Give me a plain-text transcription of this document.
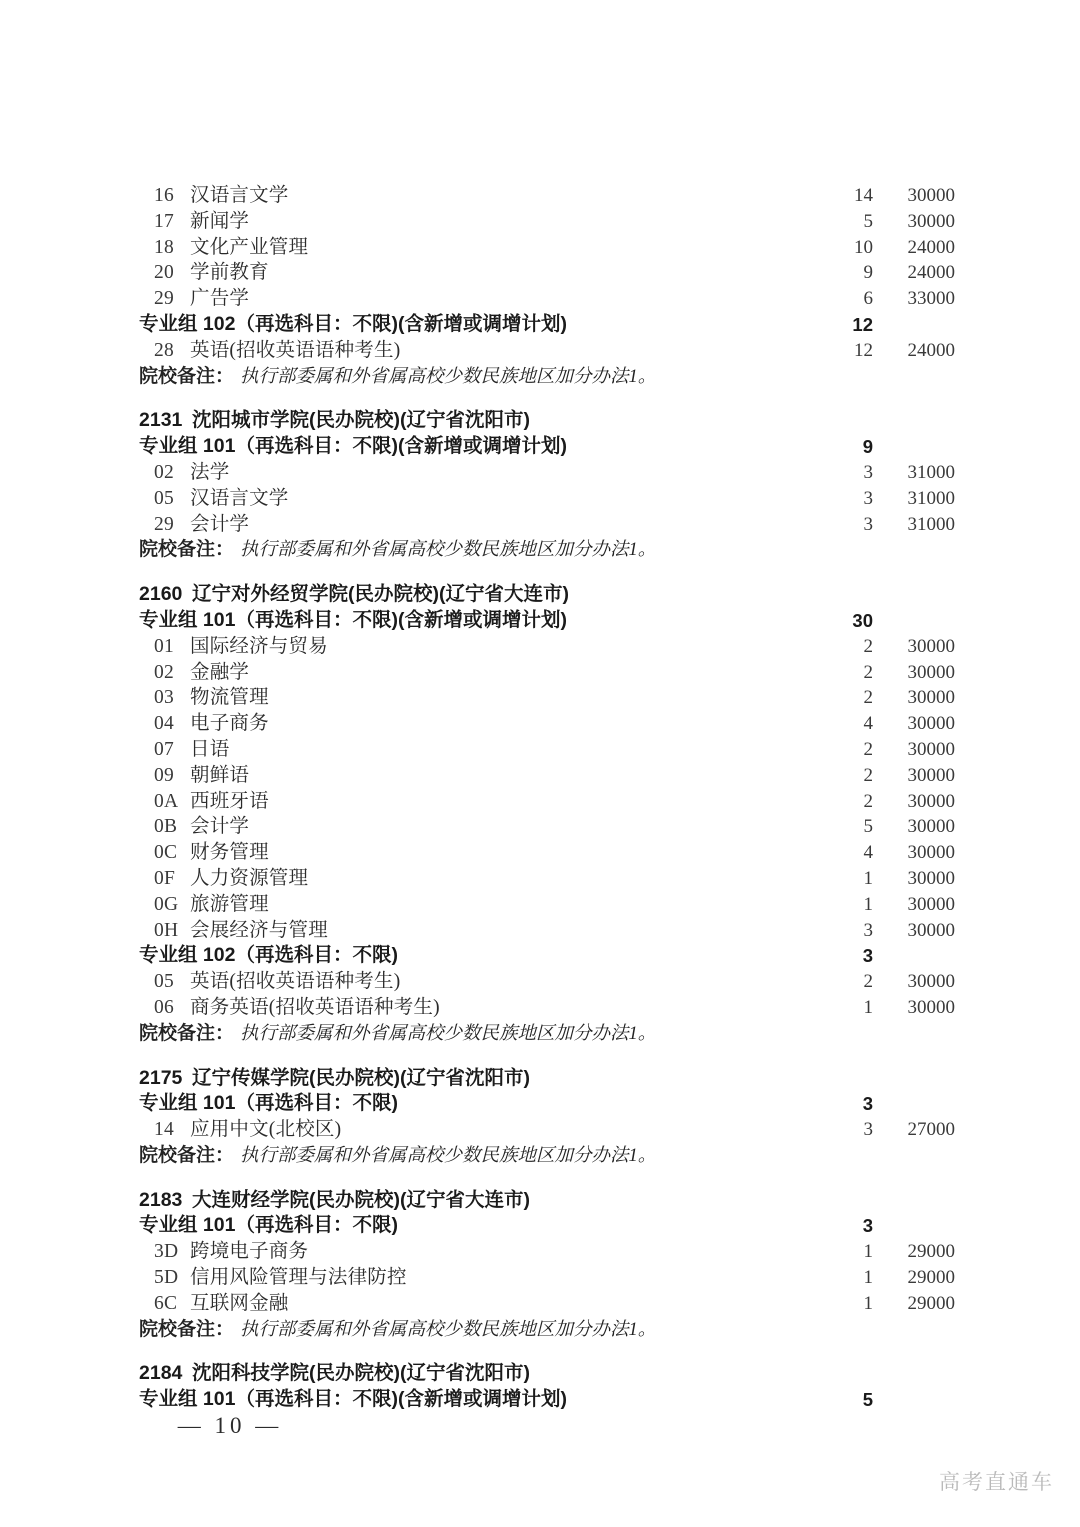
16 汉语言文学	14	30000
17 新闻学	5	30000
18 文化产业管理	10	24000
20 学前教育	9	24000
29 广告学	6	33000
专业组 102（再选科目：不限)(含新增或调增计划)	12
28 英语(招收英语语种考生)	12	24000
院校备注： 执行部委属和外省属高校少数民族地区加分办法1。
2131 沈阳城市学院(民办院校)(辽宁省沈阳市)
专业组 101（再选科目：不限)(含新增或调增计划)	9
02 法学	3	31000
05 汉语言文学	3	31000
29 会计学	3	31000
院校备注： 执行部委属和外省属高校少数民族地区加分办法1。
2160 辽宁对外经贸学院(民办院校)(辽宁省大连市)
专业组 101（再选科目：不限)(含新增或调增计划)	30
01 国际经济与贸易	2	30000
02 金融学	2	30000
03 物流管理	2	30000
04 电子商务	4	30000
07 日语	2	30000
09 朝鲜语	2	30000
0A 西班牙语	2	30000
0B 会计学	5	30000
0C 财务管理	4	30000
0F 人力资源管理	1	30000
0G 旅游管理	1	30000
0H 会展经济与管理	3	30000
专业组 102（再选科目：不限)	3
05 英语(招收英语语种考生)	2	30000
06 商务英语(招收英语语种考生)	1	30000
院校备注： 执行部委属和外省属高校少数民族地区加分办法1。
2175 辽宁传媒学院(民办院校)(辽宁省沈阳市)
专业组 101（再选科目：不限)	3
14 应用中文(北校区)	3	27000
院校备注： 执行部委属和外省属高校少数民族地区加分办法1。
2183 大连财经学院(民办院校)(辽宁省大连市)
专业组 101（再选科目：不限)	3
3D 跨境电子商务	1	29000
5D 信用风险管理与法律防控	1	29000
6C 互联网金融	1	29000
院校备注： 执行部委属和外省属高校少数民族地区加分办法1。
2184 沈阳科技学院(民办院校)(辽宁省沈阳市)
专业组 101（再选科目：不限)(含新增或调增计划)	5
— 10 —
高考直通车
